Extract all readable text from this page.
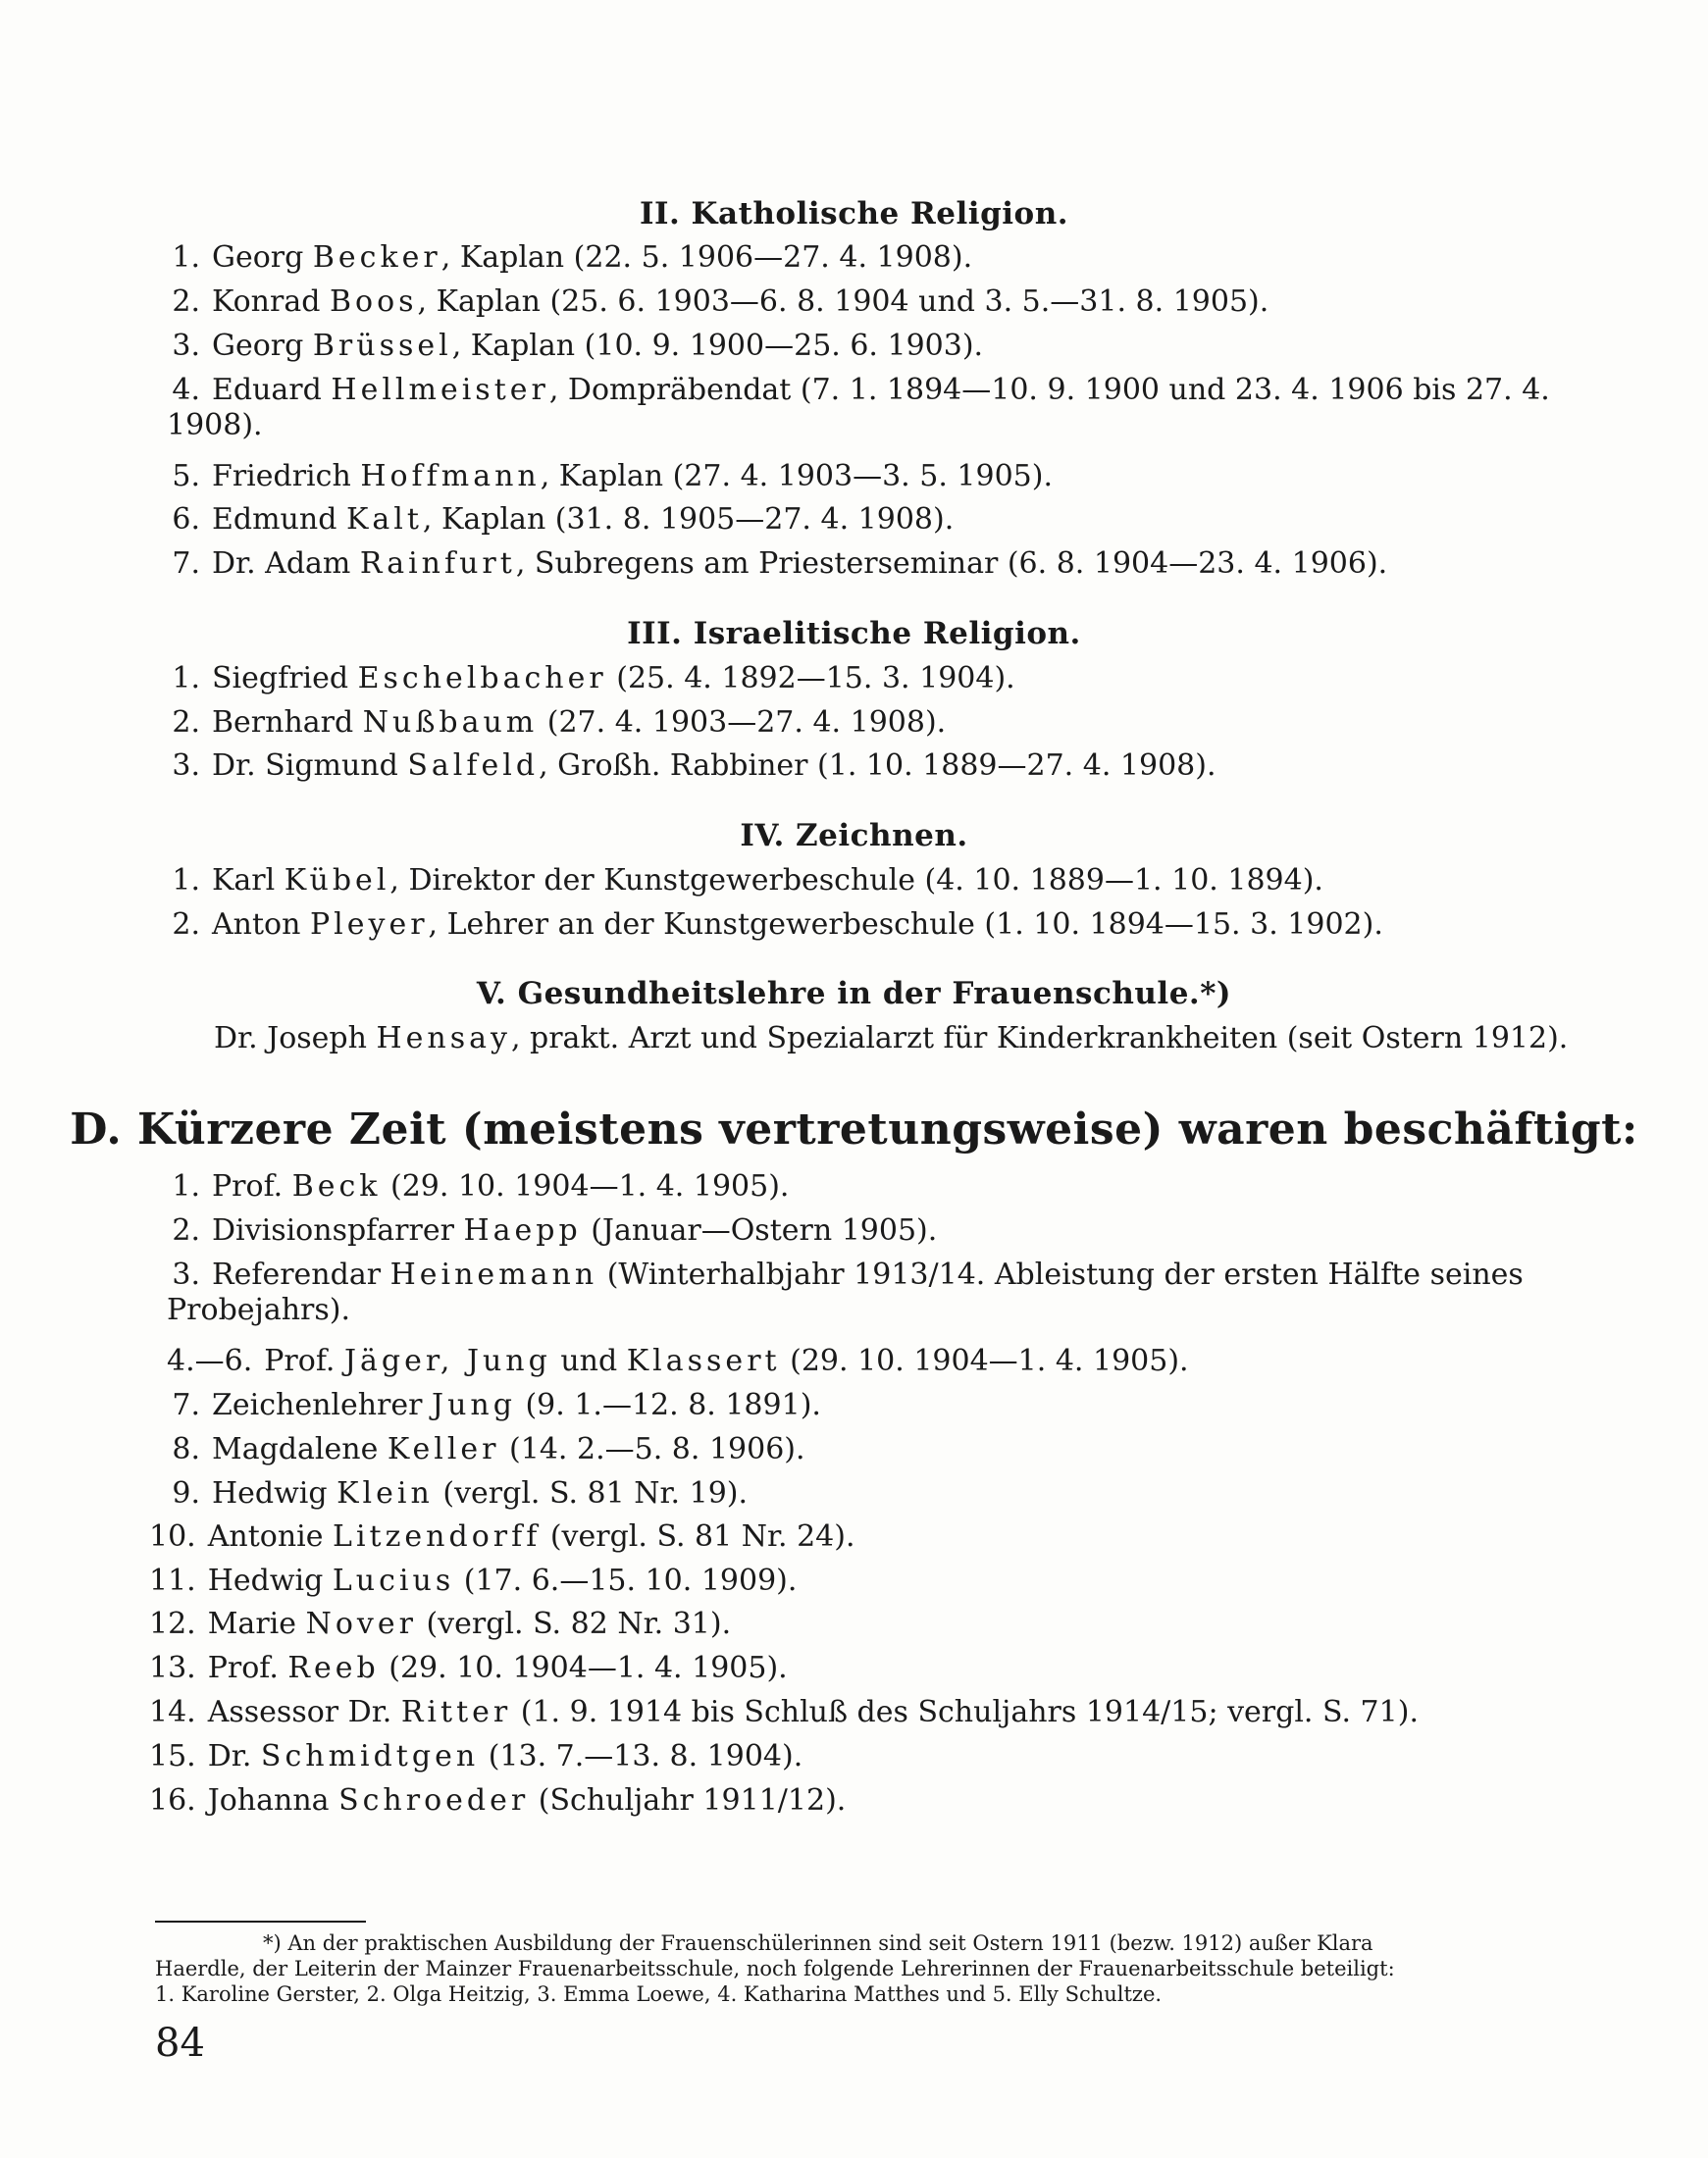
II. Katholische Religion.
1. Georg Becker, Kaplan (22. 5. 1906—27. 4. 1908).
2. Konrad Boos, Kaplan (25. 6. 1903—6. 8. 1904 und 3. 5.—31. 8. 1905).
3. Georg Brüssel, Kaplan (10. 9. 1900—25. 6. 1903).
4. Eduard Hellmeister, Dompräbendat (7. 1. 1894—10. 9. 1900 und 23. 4. 1906 bis 27. 4. 1908).
5. Friedrich Hoffmann, Kaplan (27. 4. 1903—3. 5. 1905).
6. Edmund Kalt, Kaplan (31. 8. 1905—27. 4. 1908).
7. Dr. Adam Rainfurt, Subregens am Priesterseminar (6. 8. 1904—23. 4. 1906).
III. Israelitische Religion.
1. Siegfried Eschelbacher (25. 4. 1892—15. 3. 1904).
2. Bernhard Nußbaum (27. 4. 1903—27. 4. 1908).
3. Dr. Sigmund Salfeld, Großh. Rabbiner (1. 10. 1889—27. 4. 1908).
IV. Zeichnen.
1. Karl Kübel, Direktor der Kunstgewerbeschule (4. 10. 1889—1. 10. 1894).
2. Anton Pleyer, Lehrer an der Kunstgewerbeschule (1. 10. 1894—15. 3. 1902).
V. Gesundheitslehre in der Frauenschule.*)
Dr. Joseph Hensay, prakt. Arzt und Spezialarzt für Kinderkrankheiten (seit Ostern 1912).
D. Kürzere Zeit (meistens vertretungsweise) waren beschäftigt:
1. Prof. Beck (29. 10. 1904—1. 4. 1905).
2. Divisionspfarrer Haepp (Januar—Ostern 1905).
3. Referendar Heinemann (Winterhalbjahr 1913/14. Ableistung der ersten Hälfte seines Probejahrs).
4.—6. Prof. Jäger, Jung und Klassert (29. 10. 1904—1. 4. 1905).
7. Zeichenlehrer Jung (9. 1.—12. 8. 1891).
8. Magdalene Keller (14. 2.—5. 8. 1906).
9. Hedwig Klein (vergl. S. 81 Nr. 19).
10. Antonie Litzendorff (vergl. S. 81 Nr. 24).
11. Hedwig Lucius (17. 6.—15. 10. 1909).
12. Marie Nover (vergl. S. 82 Nr. 31).
13. Prof. Reeb (29. 10. 1904—1. 4. 1905).
14. Assessor Dr. Ritter (1. 9. 1914 bis Schluß des Schuljahrs 1914/15; vergl. S. 71).
15. Dr. Schmidtgen (13. 7.—13. 8. 1904).
16. Johanna Schroeder (Schuljahr 1911/12).
*) An der praktischen Ausbildung der Frauenschülerinnen sind seit Ostern 1911 (bezw. 1912) außer Klara
Haerdle, der Leiterin der Mainzer Frauenarbeitsschule, noch folgende Lehrerinnen der Frauenarbeitsschule beteiligt:
1. Karoline Gerster, 2. Olga Heitzig, 3. Emma Loewe, 4. Katharina Matthes und 5. Elly Schultze.
84
